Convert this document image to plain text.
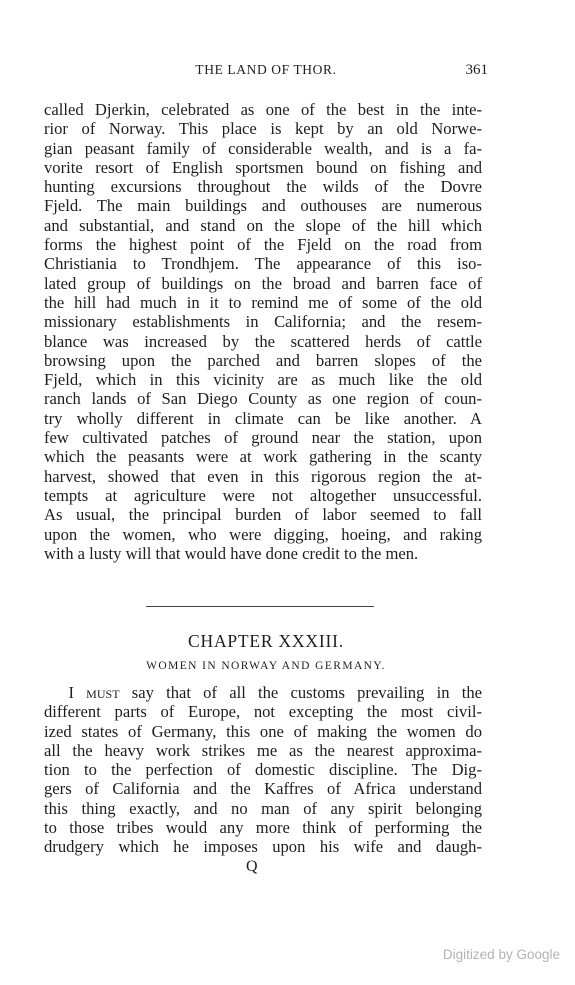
THE LAND OF THOR.	361
called Djerkin, celebrated as one of the best in the inte-
rior of Norway. This place is kept by an old Norwe-
gian peasant family of considerable wealth, and is a fa-
vorite resort of English sportsmen bound on fishing and
hunting excursions throughout the wilds of the Dovre
Fjeld. The main buildings and outhouses are numerous
and substantial, and stand on the slope of the hill which
forms the highest point of the Fjeld on the road from
Christiania to Trondhjem. The appearance of this iso-
lated group of buildings on the broad and barren face of
the hill had much in it to remind me of some of the old
missionary establishments in California; and the resem-
blance was increased by the scattered herds of cattle
browsing upon the parched and barren slopes of the
Fjeld, which in this vicinity are as much like the old
ranch lands of San Diego County as one region of coun-
try wholly different in climate can be like another. A
few cultivated patches of ground near the station, upon
which the peasants were at work gathering in the scanty
harvest, showed that even in this rigorous region the at-
tempts at agriculture were not altogether unsuccessful.
As usual, the principal burden of labor seemed to fall
upon the women, who were digging, hoeing, and raking
with a lusty will that would have done credit to the men.
CHAPTER XXXIII.
WOMEN IN NORWAY AND GERMANY.
I must say that of all the customs prevailing in the
different parts of Europe, not excepting the most civil-
ized states of Germany, this one of making the women do
all the heavy work strikes me as the nearest approxima-
tion to the perfection of domestic discipline. The Dig-
gers of California and the Kaffres of Africa understand
this thing exactly, and no man of any spirit belonging
to those tribes would any more think of performing the
drudgery which he imposes upon his wife and daugh-
Q
Digitized by Google
